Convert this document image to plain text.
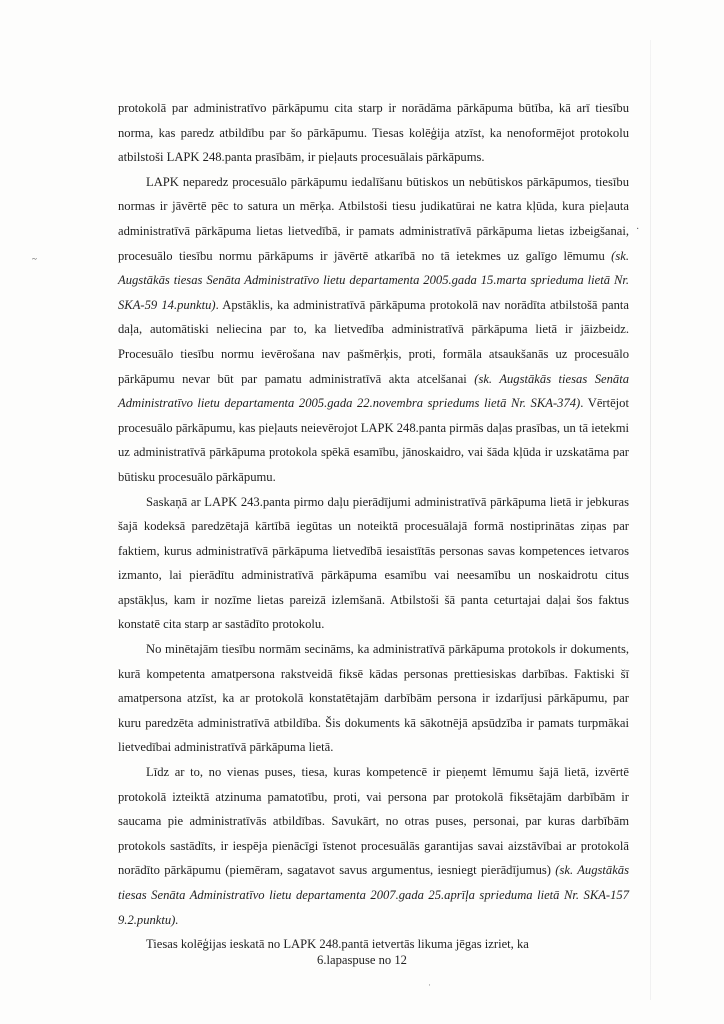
~
·

protokolā par administratīvo pārkāpumu cita starp ir norādāma pārkāpuma būtība, kā arī tiesību norma, kas paredz atbildību par šo pārkāpumu. Tiesas kolēģija atzīst, ka nenoformējot protokolu atbilstoši LAPK 248.panta prasībām, ir pieļauts procesuālais pārkāpums.

LAPK neparedz procesuālo pārkāpumu iedalīšanu būtiskos un nebūtiskos pārkāpumos, tiesību normas ir jāvērtē pēc to satura un mērķa. Atbilstoši tiesu judikatūrai ne katra kļūda, kura pieļauta administratīvā pārkāpuma lietas lietvedībā, ir pamats administratīvā pārkāpuma lietas izbeigšanai, procesuālo tiesību normu pārkāpums ir jāvērtē atkarībā no tā ietekmes uz galīgo lēmumu (sk. Augstākās tiesas Senāta Administratīvo lietu departamenta 2005.gada 15.marta sprieduma lietā Nr. SKA-59 14.punktu). Apstāklis, ka administratīvā pārkāpuma protokolā nav norādīta atbilstošā panta daļa, automātiski neliecina par to, ka lietvedība administratīvā pārkāpuma lietā ir jāizbeidz. Procesuālo tiesību normu ievērošana nav pašmērķis, proti, formāla atsaukšanās uz procesuālo pārkāpumu nevar būt par pamatu administratīvā akta atcelšanai (sk. Augstākās tiesas Senāta Administratīvo lietu departamenta 2005.gada 22.novembra spriedums lietā Nr. SKA-374). Vērtējot procesuālo pārkāpumu, kas pieļauts neievērojot LAPK 248.panta pirmās daļas prasības, un tā ietekmi uz administratīvā pārkāpuma protokola spēkā esamību, jānoskaidro, vai šāda kļūda ir uzskatāma par būtisku procesuālo pārkāpumu.

Saskaņā ar LAPK 243.panta pirmo daļu pierādījumi administratīvā pārkāpuma lietā ir jebkuras šajā kodeksā paredzētajā kārtībā iegūtas un noteiktā procesuālajā formā nostiprinātas ziņas par faktiem, kurus administratīvā pārkāpuma lietvedībā iesaistītās personas savas kompetences ietvaros izmanto, lai pierādītu administratīvā pārkāpuma esamību vai neesamību un noskaidrotu citus apstākļus, kam ir nozīme lietas pareizā izlemšanā. Atbilstoši šā panta ceturtajai daļai šos faktus konstatē cita starp ar sastādīto protokolu.

No minētajām tiesību normām secināms, ka administratīvā pārkāpuma protokols ir dokuments, kurā kompetenta amatpersona rakstveidā fiksē kādas personas prettiesiskas darbības. Faktiski šī amatpersona atzīst, ka ar protokolā konstatētajām darbībām persona ir izdarījusi pārkāpumu, par kuru paredzēta administratīvā atbildība. Šis dokuments kā sākotnējā apsūdzība ir pamats turpmākai lietvedībai administratīvā pārkāpuma lietā.

Līdz ar to, no vienas puses, tiesa, kuras kompetencē ir pieņemt lēmumu šajā lietā, izvērtē protokolā izteiktā atzinuma pamatotību, proti, vai persona par protokolā fiksētajām darbībām ir saucama pie administratīvās atbildības. Savukārt, no otras puses, personai, par kuras darbībām protokols sastādīts, ir iespēja pienācīgi īstenot procesuālās garantijas savai aizstāvībai ar protokolā norādīto pārkāpumu (piemēram, sagatavot savus argumentus, iesniegt pierādījumus) (sk. Augstākās tiesas Senāta Administratīvo lietu departamenta 2007.gada 25.aprīļa sprieduma lietā Nr. SKA-157 9.2.punktu).

Tiesas kolēģijas ieskatā no LAPK 248.pantā ietvertās likuma jēgas izriet, ka

6.lapaspuse no 12
·
